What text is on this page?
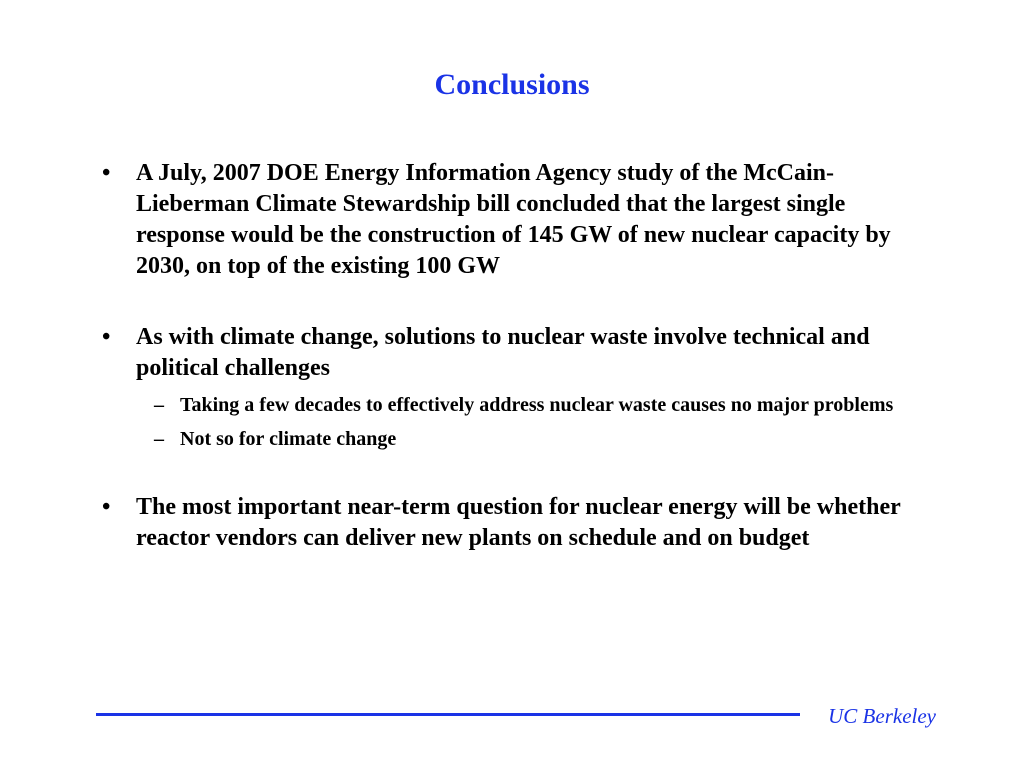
Conclusions
• A July, 2007 DOE Energy Information Agency study of the McCain-Lieberman Climate Stewardship bill concluded that the largest single response would be the construction of 145 GW of new nuclear capacity by 2030, on top of the existing 100 GW
• As with climate change, solutions to nuclear waste involve technical and political challenges
– Taking a few decades to effectively address nuclear waste causes no major problems
– Not so for climate change
• The most important near-term question for nuclear energy will be whether reactor vendors can deliver new plants on schedule and on budget
UC Berkeley
